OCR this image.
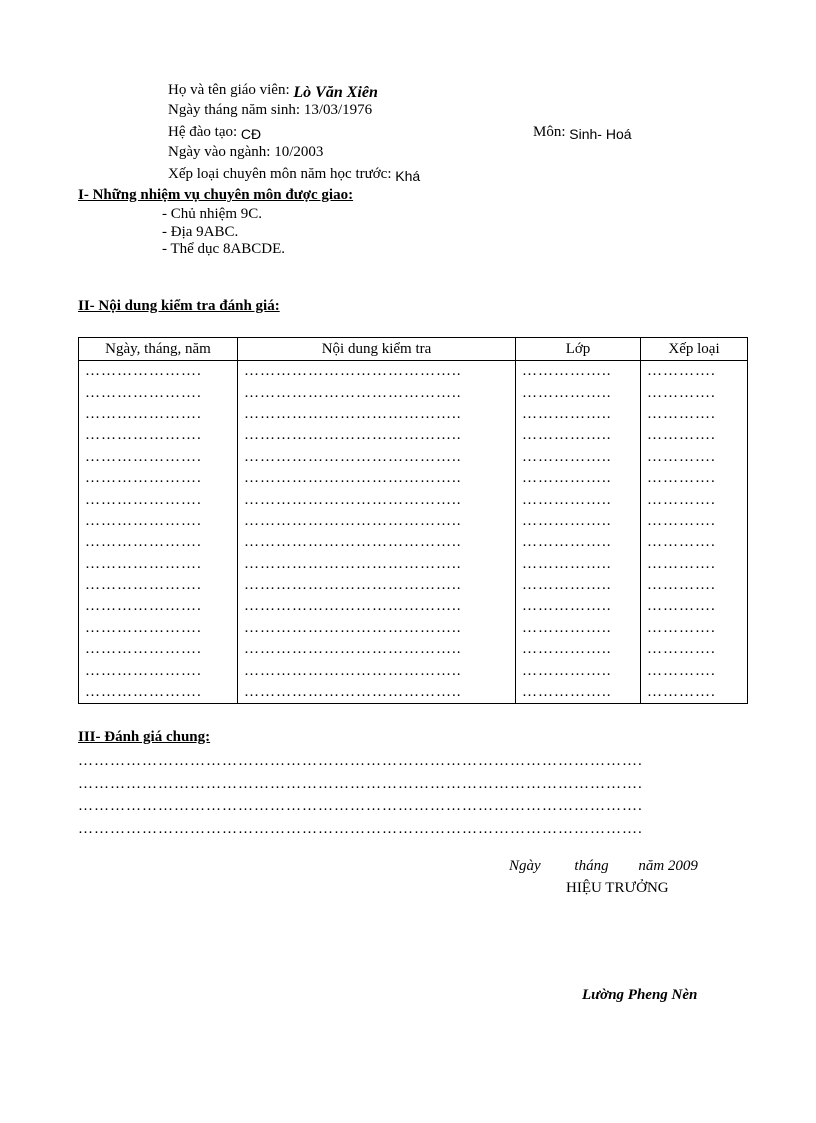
Họ và tên giáo viên: Lò Văn Xiên
Ngày tháng năm sinh: 13/03/1976
Hệ đào tạo: CĐ	Môn: Sinh- Hoá
Ngày vào ngành: 10/2003
Xếp loại chuyên môn năm học trước: Khá
I- Những nhiệm vụ chuyên môn được giao:
- Chủ nhiệm 9C.
- Địa 9ABC.
- Thể dục 8ABCDE.
II- Nội dung kiểm tra đánh giá:
Ngày, tháng, năm	Nội dung kiểm tra	Lớp	Xếp loại
………………….	…………………………………..	……………..	………….
………………….	…………………………………..	……………..	………….
………………….	…………………………………..	……………..	………….
………………….	…………………………………..	……………..	………….
………………….	…………………………………..	……………..	………….
………………….	…………………………………..	……………..	………….
………………….	…………………………………..	……………..	………….
………………….	…………………………………..	……………..	………….
………………….	…………………………………..	……………..	………….
………………….	…………………………………..	……………..	………….
………………….	…………………………………..	……………..	………….
………………….	…………………………………..	……………..	………….
………………….	…………………………………..	……………..	………….
………………….	…………………………………..	……………..	………….
………………….	…………………………………..	……………..	………….
………………….	…………………………………..	……………..	………….
III- Đánh giá chung:
…………………………………………………………………………………………….
…………………………………………………………………………………………….
…………………………………………………………………………………………….
…………………………………………………………………………………………….
Ngày tháng năm 2009
HIỆU TRƯỞNG
Lường Pheng Nèn
